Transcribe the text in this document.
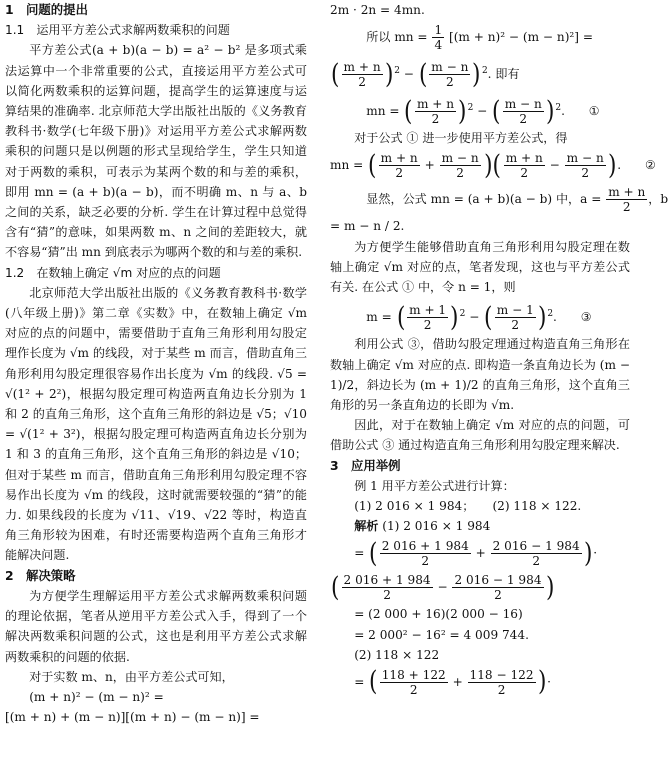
1　问题的提出

1.1　运用平方差公式求解两数乘积的问题

平方差公式(a + b)(a − b) = a² − b² 是多项式乘法运算中一个非常重要的公式，直接运用平方差公式可以简化两数乘积的运算问题，提高学生的运算速度与运算结果的准确率. 北京师范大学出版社出版的《义务教育教科书·数学(七年级下册)》对运用平方差公式求解两数乘积的问题只是以例题的形式呈现给学生，学生只知道对于两数的乘积，可表示为某两个数的和与差的乘积，即用 mn = (a + b)(a − b)，而不明确 m、n 与 a、b 之间的关系，缺乏必要的分析. 学生在计算过程中总觉得含有“猜”的意味，如果两数 m、n 之间的差距较大，就不容易“猜”出 mn 到底表示为哪两个数的和与差的乘积.

1.2　在数轴上确定 √m 对应的点的问题

北京师范大学出版社出版的《义务教育教科书·数学(八年级上册)》第二章《实数》中，在数轴上确定 √m 对应的点的问题中，需要借助于直角三角形利用勾股定理作长度为 √m 的线段，对于某些 m 而言，借助直角三角形利用勾股定理很容易作出长度为 √m 的线段. √5 = √(1² + 2²)，根据勾股定理可构造两直角边长分别为 1 和 2 的直角三角形，这个直角三角形的斜边是 √5；√10 = √(1² + 3²)，根据勾股定理可构造两直角边长分别为 1 和 3 的直角三角形，这个直角三角形的斜边是 √10；但对于某些 m 而言，借助直角三角形利用勾股定理不容易作出长度为 √m 的线段，这时就需要较强的“猜”的能力. 如果线段的长度为 √11、√19、√22 等时，构造直角三角形较为困难，有时还需要构造两个直角三角形才能解决问题.

2　解决策略

为方便学生理解运用平方差公式求解两数乘积问题的理论依据，笔者从逆用平方差公式入手，得到了一个解决两数乘积问题的公式，这也是利用平方差公式求解两数乘积的问题的依据.

对于实数 m、n，由平方差公式可知，

(m + n)² − (m − n)² =

[(m + n) + (m − n)][(m + n) − (m − n)] =

2m · 2n = 4mn.

所以 mn = $\frac{1}{4} [(m + n)^2 - (m - n)^2]$ =

( $\frac{m + n}{2} )^2$ − ( $\frac{m - n}{2} )^2$. 即有

mn = ( $\frac{m + n}{2} )^2$ − ( $\frac{m - n}{2} )^2$. ①

对于公式 ① 进一步使用平方差公式，得

mn = ( $\frac{m + n}{2} + \frac{m - n}{2}$ )( $\frac{m + n}{2} - \frac{m - n}{2}$ ). ②

显然，公式 mn = (a + b)(a − b) 中，$a = \frac{m + n}{2}$ ，b

= m − n / 2.

为方便学生能够借助直角三角形利用勾股定理在数轴上确定 √m 对应的点，笔者发现，这也与平方差公式有关. 在公式 ① 中，令 n = 1，则

m = ( $\frac{m + 1}{2} )^2$ − ( $\frac{m - 1}{2} )^2$. ③

利用公式 ③，借助勾股定理通过构造直角三角形在数轴上确定 √m 对应的点. 即构造一条直角边长为 (m − 1)/2，斜边长为 (m + 1)/2 的直角三角形，这个直角三角形的另一条直角边的长即为 √m.

因此，对于在数轴上确定 √m 对应的点的问题，可借助公式 ③ 通过构造直角三角形利用勾股定理来解决.

3　应用举例

例 1 用平方差公式进行计算：

(1) 2 016 × 1 984；　　(2) 118 × 122.

解析 (1) 2 016 × 1 984

= ( $\frac{2 016 + 1 984}{2} + \frac{2 016 - 1 984}{2}$ )·

( $\frac{2 016 + 1 984}{2} - \frac{2 016 - 1 984}{2}$ )

= (2 000 + 16)(2 000 − 16)

= 2 000² − 16² = 4 009 744.

(2) 118 × 122

= ( $\frac{118 + 122}{2} + \frac{118 - 122}{2}$ )·
